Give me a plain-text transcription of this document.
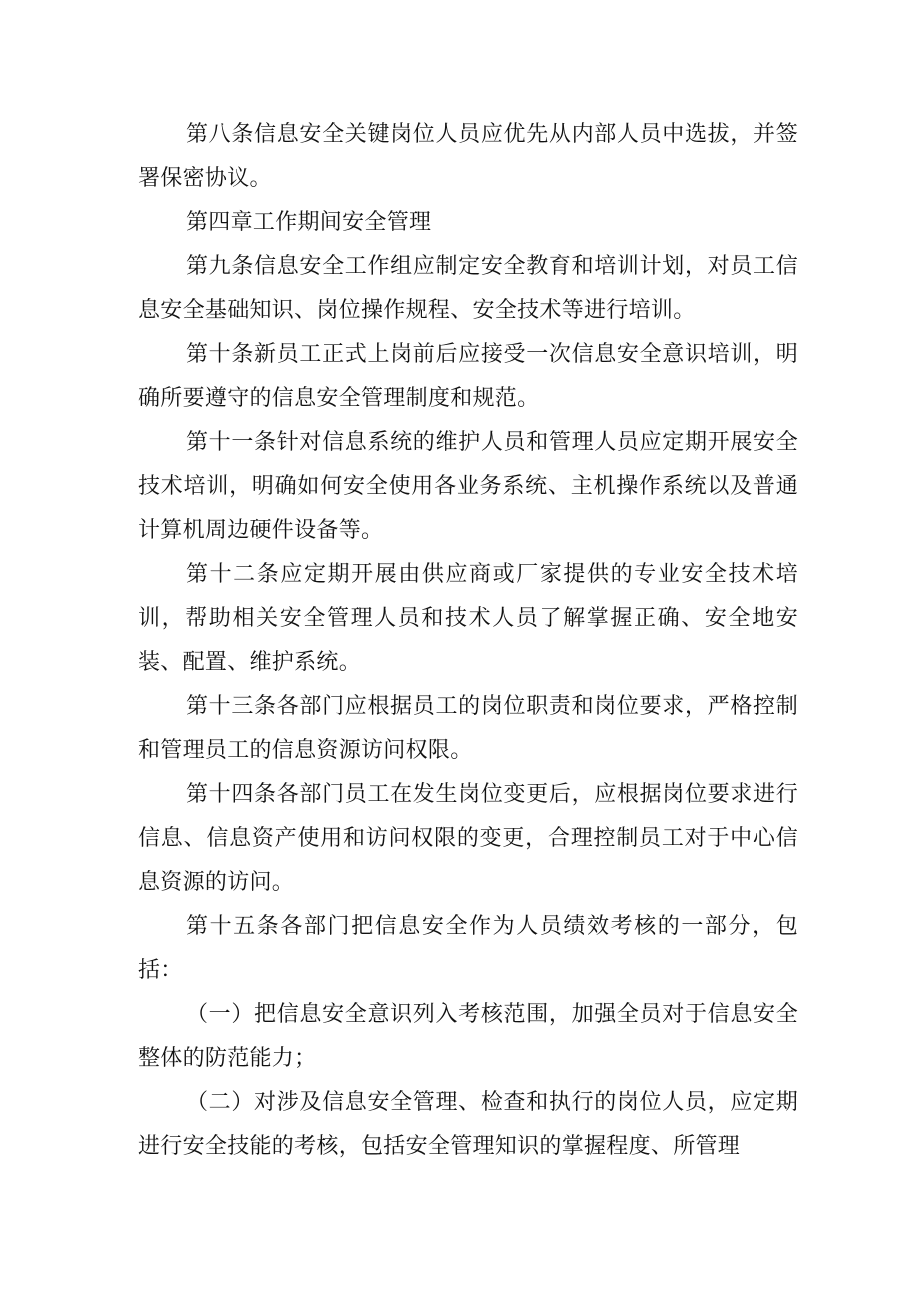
第八条信息安全关键岗位人员应优先从内部人员中选拔，并签署保密协议。

第四章工作期间安全管理

第九条信息安全工作组应制定安全教育和培训计划，对员工信息安全基础知识、岗位操作规程、安全技术等进行培训。

第十条新员工正式上岗前后应接受一次信息安全意识培训，明确所要遵守的信息安全管理制度和规范。

第十一条针对信息系统的维护人员和管理人员应定期开展安全技术培训，明确如何安全使用各业务系统、主机操作系统以及普通计算机周边硬件设备等。

第十二条应定期开展由供应商或厂家提供的专业安全技术培训，帮助相关安全管理人员和技术人员了解掌握正确、安全地安装、配置、维护系统。

第十三条各部门应根据员工的岗位职责和岗位要求，严格控制和管理员工的信息资源访问权限。

第十四条各部门员工在发生岗位变更后，应根据岗位要求进行信息、信息资产使用和访问权限的变更，合理控制员工对于中心信息资源的访问。

第十五条各部门把信息安全作为人员绩效考核的一部分，包括：

（一）把信息安全意识列入考核范围，加强全员对于信息安全整体的防范能力；

（二）对涉及信息安全管理、检查和执行的岗位人员，应定期进行安全技能的考核，包括安全管理知识的掌握程度、所管理
